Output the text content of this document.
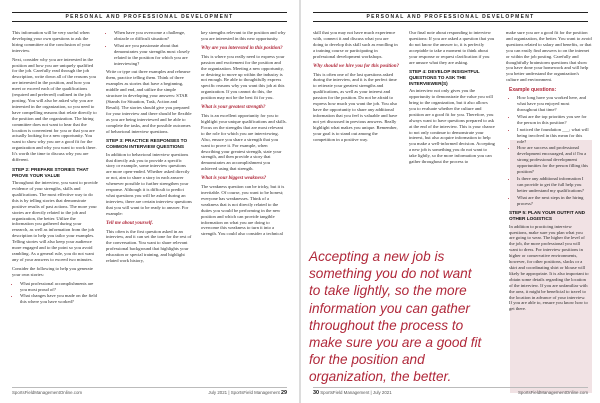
PERSONAL AND PROFESSIONAL DEVELOPMENT

This information will be very useful when developing your own questions to ask the hiring committee at the conclusion of your interview.

Next, consider why you are interested in the position and how you are uniquely qualified for the job. Carefully read through the job description, write down all of the reasons you are interested in the position, and how you meet or exceed each of the qualifications (required and preferred) outlined in the job posting. You will also be asked why you are interested in the organization, so you need to have compelling reasons that relate directly to the position and the organization. The hiring committee does not want to hear that the location is convenient for you or that you are actually looking for a new opportunity. You want to show why you are a good fit for the organization and why you want to work there. It's worth the time to discuss why you are different.

STEP 2: PREPARE STORIES THAT PROVE YOUR VALUE

Throughout the interview, you want to provide evidence of your strengths, skills and qualifications. The most effective way to do this is by telling stories that demonstrate positive results of past actions. The more your stories are directly related to the job and organization, the better. Utilize the information you gathered during your research, as well as information from the job description to help you tailor your examples. Telling stories will also keep your audience more engaged and to the point so you avoid rambling. As a general rule, you do not want any of your answers to exceed two minutes.

Consider the following to help you generate your own stories:

• What professional accomplishments are you most proud of?
• What changes have you made on the field this where you have worked?
• When have you overcome a challenge, obstacle or difficult situation?
• What are you passionate about that demonstrates your strengths most closely related to the position for which you are interviewing?

Write or type out three examples and rehearse them, practice telling them. Think of three examples as stories that have a beginning, middle and end, and utilize the simple structure in developing your answers: STAR (Stands for Situation, Task, Action and Result). The stories should give you prepared for your interview and there should be flexible as you are being interviewed and be able to complete the tasks, and the possible outcomes of behavioral interview questions.

STEP 3: PRACTICE RESPONSES TO COMMON INTERVIEW QUESTIONS

In addition to behavioral interview questions that directly ask you to provide a specific story or example, some interview questions are more open-ended. Whether asked directly or not, aim to share a story in each answer whenever possible to further strengthen your response. Although it is difficult to predict what questions you will be asked during an interview, there are certain interview questions that you will want to be ready to answer. For example:

Tell me about yourself.

This often is the first question asked in an interview, and it can set the tone for the rest of the conversation. You want to share relevant professional background that highlights your education or special training, and highlight related work history,

key strengths relevant to the position and why you are interested in this new opportunity.

Why are you interested in this position?

This is where you really need to express your passion and excitement for the position and the organization. Meeting a new opportunity, or desiring to move up within the industry is not enough. Be able to thoughtfully express specific reasons why you want this job at this organization. If you cannot do this, the position may not be the best fit for you.

What is your greatest strength?

This is an excellent opportunity for you to highlight your unique qualifications and skills. Focus on the strengths that are most relevant to the role for which you are interviewing. Also, ensure you share a strength that you want to prove it. For example, when describing your greatest strength, state your strength, and then provide a story that demonstrates an accomplishment you achieved using that strength.

What is your biggest weakness?

The weakness question can be tricky, but it is inevitable. Of course, you want to be honest; everyone has weaknesses. Think of a weakness that is not directly related to the duties you would be performing in the new position and which can provide tangible information on what you are doing to overcome this weakness to turn it into a strength. You could also consider a technical

SportsFieldManagementOnline.com	July 2021 | SportsField Management 29
PERSONAL AND PROFESSIONAL DEVELOPMENT

skill that you may not have much experience with, connect it and discuss what you are doing to develop this skill such as enrolling in a training course or participating in professional development workshops.

Why should we hire you for this position?

This is often one of the last questions asked during the interview, and it is the perfect time to reiterate your greatest strengths and qualifications, as well as your interest and passion for the position. Do not be afraid to express how much you want the job. You also have the opportunity to share any additional information that you feel is valuable and have not yet discussed in previous answers. Really highlight what makes you unique. Remember, your goal is to stand out among the competition in a positive way.

Our final note about responding to interview questions: If you are asked a question that you do not know the answer to, it is perfectly acceptable to take a moment to think about your response or request clarification if you are unsure what they are asking.

STEP 4: DEVELOP INSIGHTFUL QUESTIONS TO ASK THE INTERVIEWER(S)

An interview not only gives you the opportunity to demonstrate the value you will bring to the organization, but it also allows you to evaluate whether the culture and position are a good fit for you. Therefore, you always want to have questions prepared to ask at the end of the interview. This is your chance to not only continue to demonstrate your interest, but also acquire information to help you make a well-informed decision. Accepting a new job is something you do not want to take lightly, so the more information you can gather throughout the process to

make sure you are a good fit for the position and organization, the better. You want to avoid questions related to salary and benefits, or that you can easily find answers to on the internet or within the job posting. Carefully and thoughtfully brainstorm questions that show you have done your homework and will help you better understand the organization's culture and environment.

Example questions:
• How long have you worked here, and what have you enjoyed most throughout that time?
• What are the top priorities you see for the person in this position?
• I noticed the foundation ___; what will being involved in this mean for this role?
• How are success and professional development encouraged, and if I'm a strong professional development opportunities for the person filling this position?
• Is there any additional information I can provide to get the full help you better understand my qualifications?
• What are the next steps in the hiring process?
STEP 5: PLAN YOUR OUTFIT AND OTHER LOGISTICS

In addition to practicing interview questions, make sure you plan what you are going to wear. The higher the level of the job, the more professional you will want to dress. For interview positions in higher or conservative environments, however, for other positions, slacks or a skirt and coordinating shirt or blouse will likely be appropriate. It is also important to obtain some details regarding the location of the interview. If you are unfamiliar with the area, it might be beneficial to travel to the location in advance of your interview. If you are able to, ensure you know how to get there.

Accepting a new job is something you do not want to take lightly, so the more information you can gather throughout the process to make sure you are a good fit for the position and organization, the better.
30 SportsField Management | July 2021	SportsFieldManagementOnline.com
